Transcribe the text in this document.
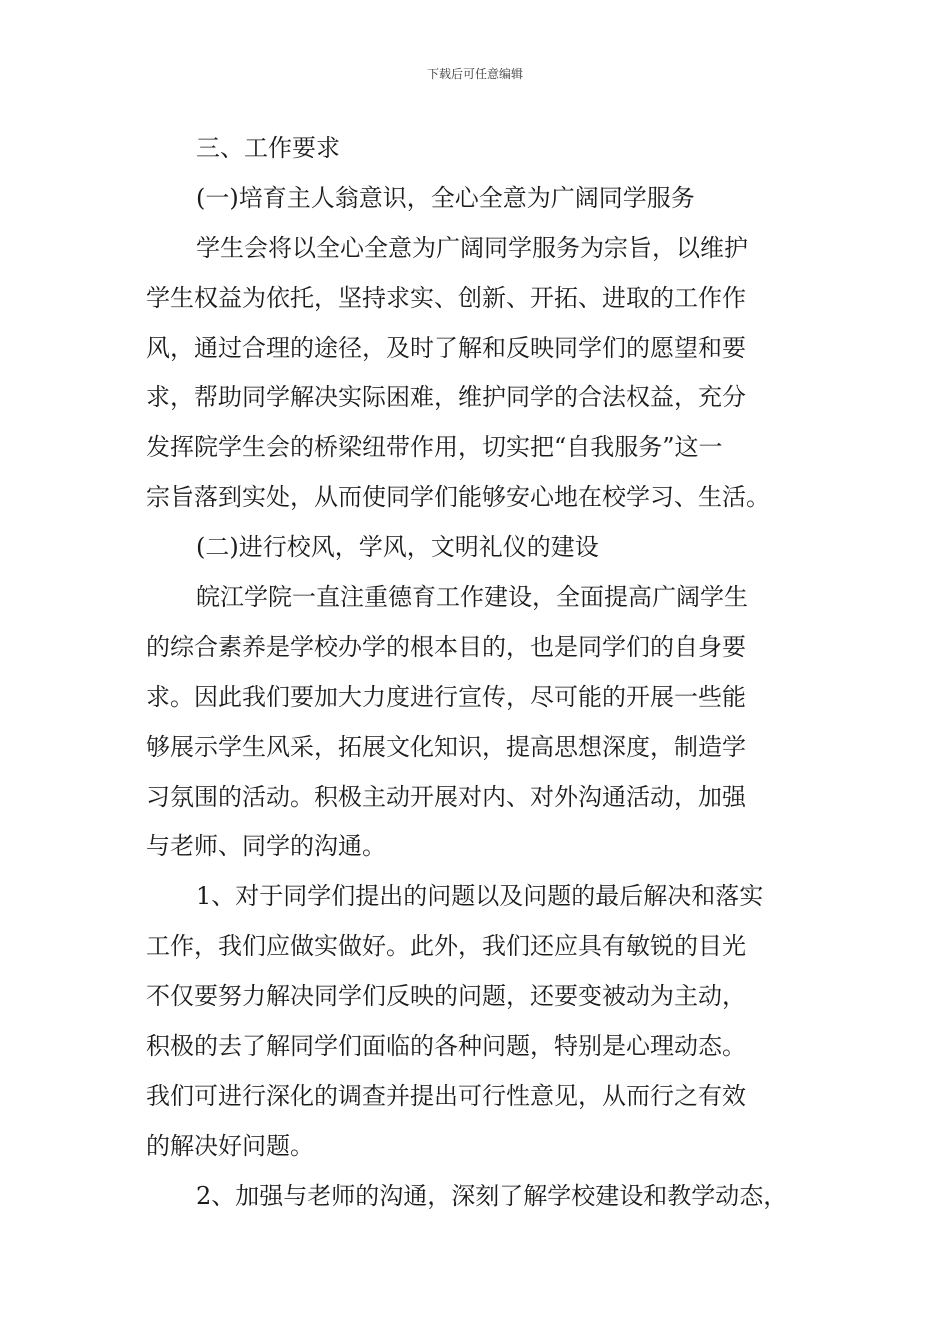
下载后可任意编辑
三、工作要求
(一)培育主人翁意识，全心全意为广阔同学服务
学生会将以全心全意为广阔同学服务为宗旨，以维护
学生权益为依托，坚持求实、创新、开拓、进取的工作作
风，通过合理的途径，及时了解和反映同学们的愿望和要
求，帮助同学解决实际困难，维护同学的合法权益，充分
发挥院学生会的桥梁纽带作用，切实把“自我服务”这一
宗旨落到实处，从而使同学们能够安心地在校学习、生活。
(二)进行校风，学风，文明礼仪的建设
皖江学院一直注重德育工作建设，全面提高广阔学生
的综合素养是学校办学的根本目的，也是同学们的自身要
求。因此我们要加大力度进行宣传，尽可能的开展一些能
够展示学生风采，拓展文化知识，提高思想深度，制造学
习氛围的活动。积极主动开展对内、对外沟通活动，加强
与老师、同学的沟通。
1、对于同学们提出的问题以及问题的最后解决和落实
工作，我们应做实做好。此外，我们还应具有敏锐的目光
不仅要努力解决同学们反映的问题，还要变被动为主动，
积极的去了解同学们面临的各种问题，特别是心理动态。
我们可进行深化的调查并提出可行性意见，从而行之有效
的解决好问题。
2、加强与老师的沟通，深刻了解学校建设和教学动态，
